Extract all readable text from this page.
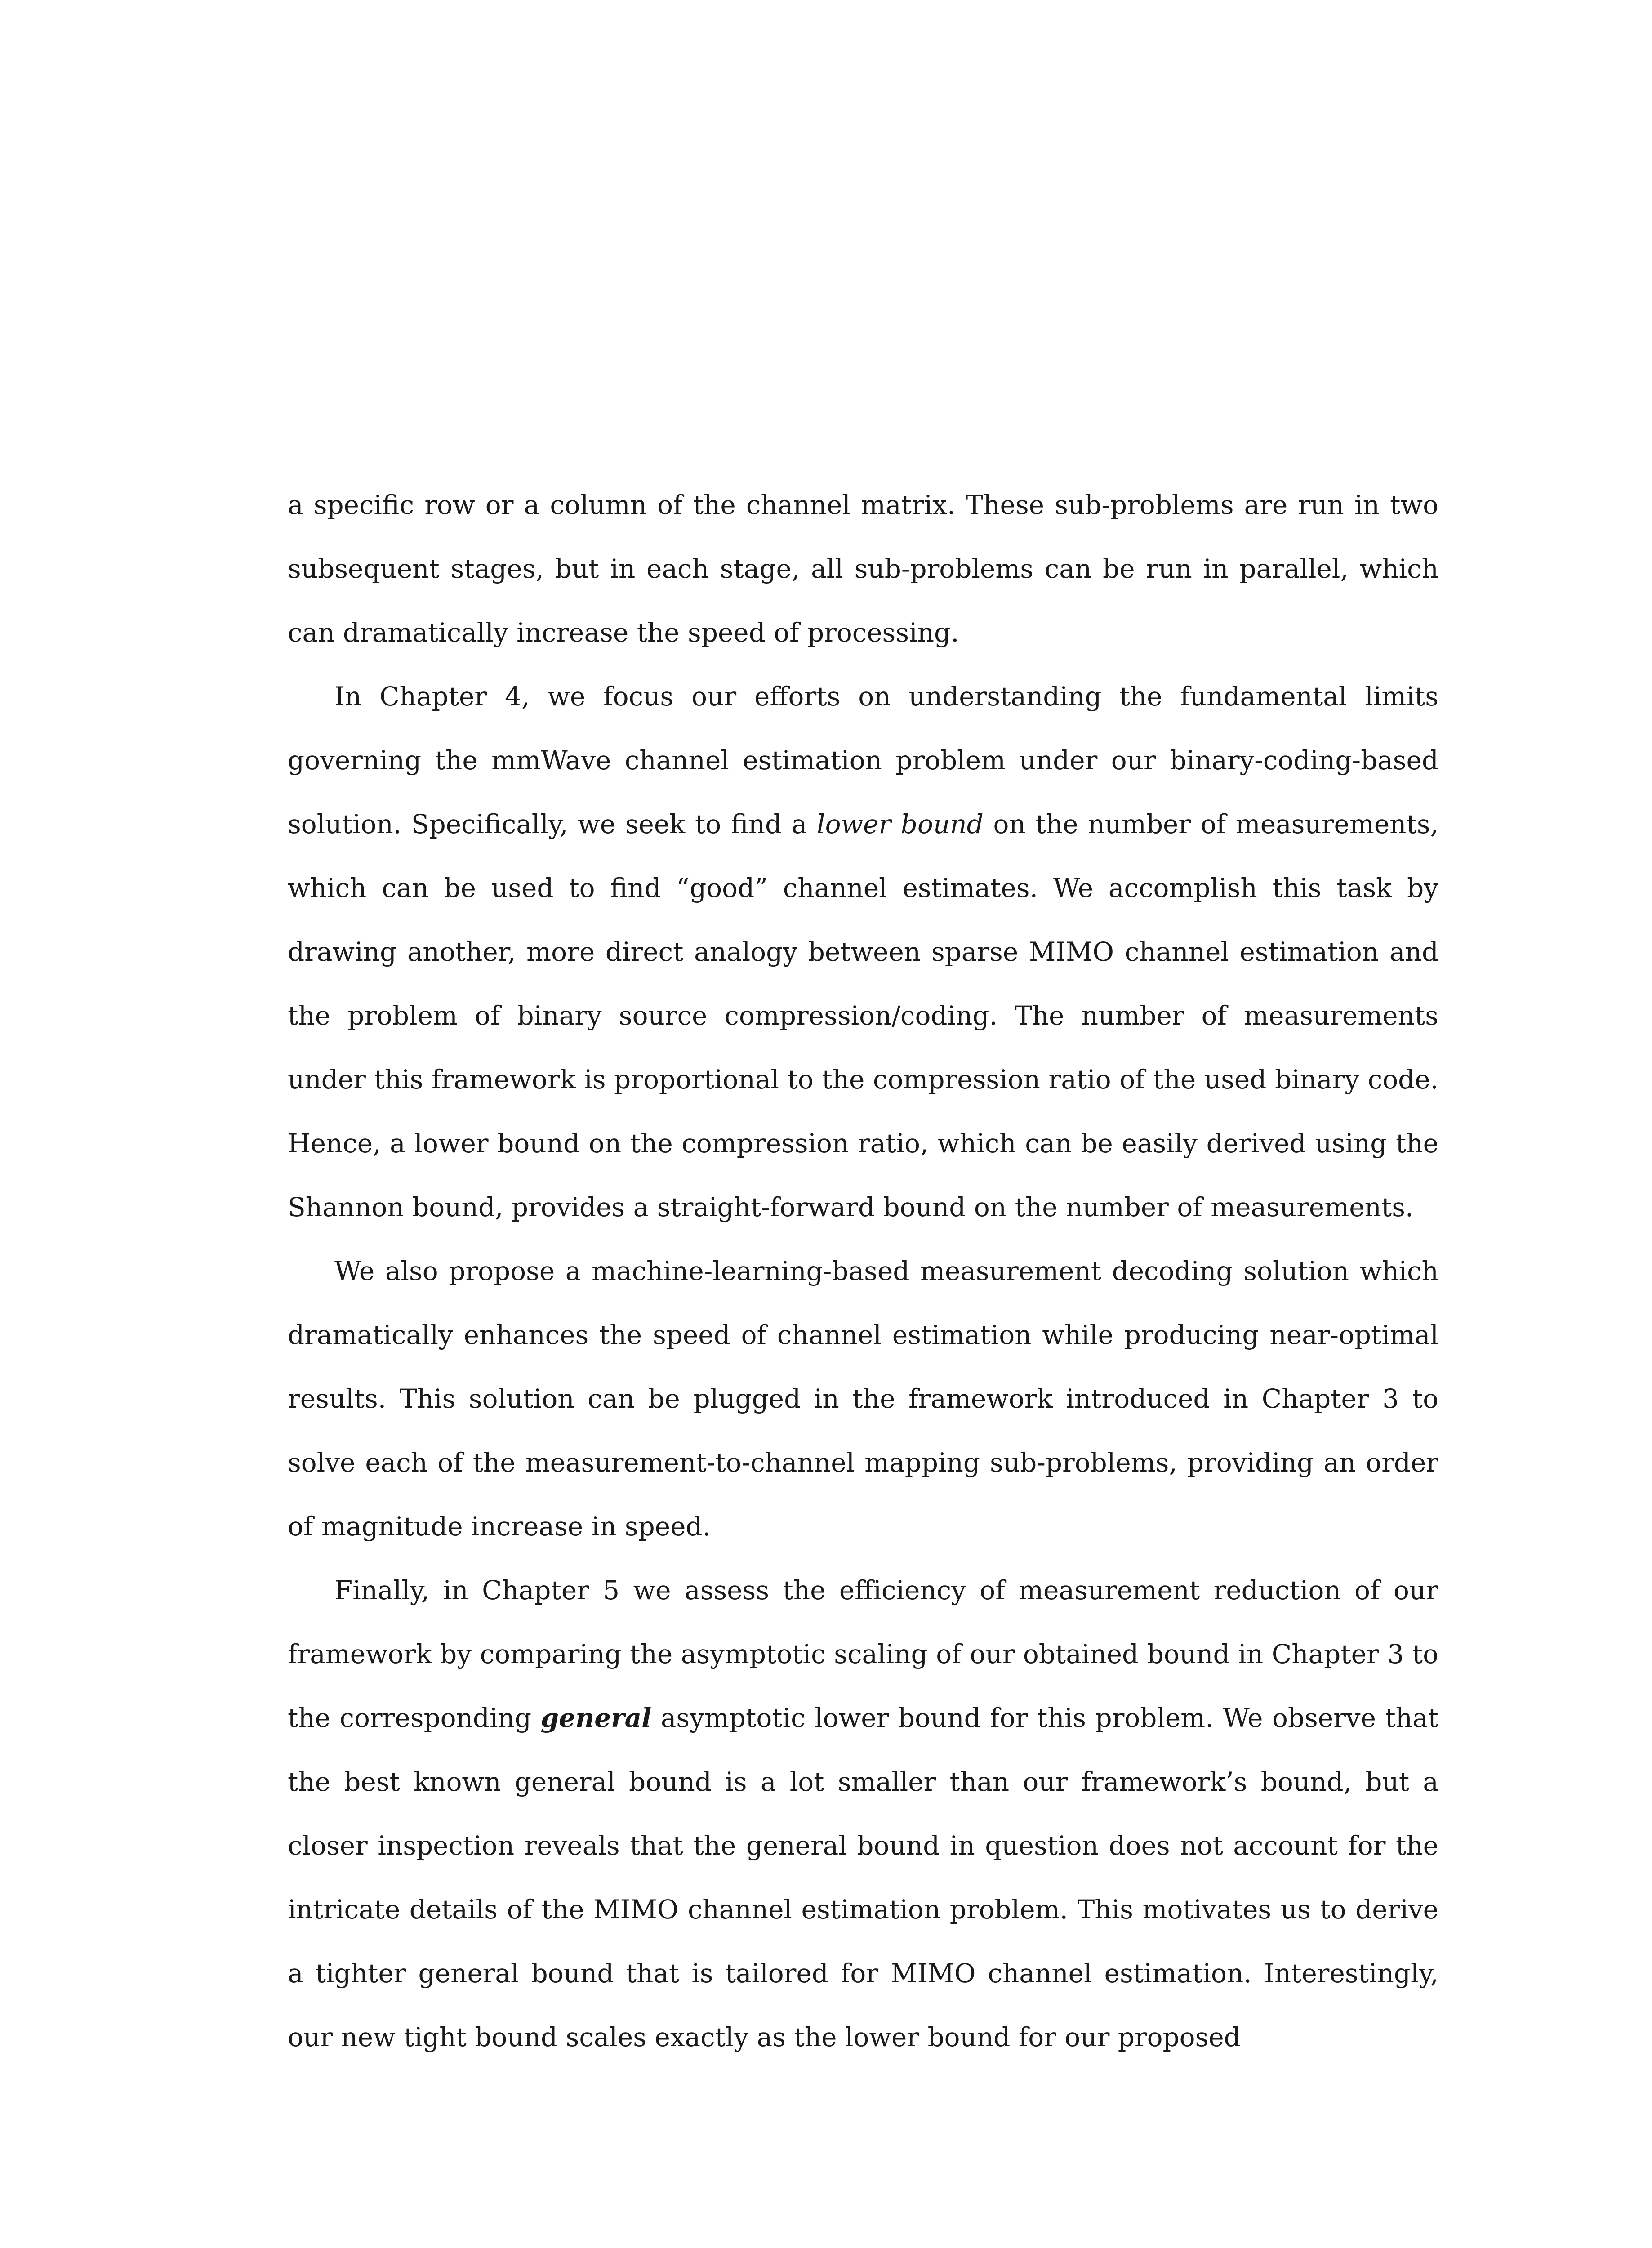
a specific row or a column of the channel matrix. These sub-problems are run in two subsequent stages, but in each stage, all sub-problems can be run in parallel, which can dramatically increase the speed of processing.

In Chapter 4, we focus our efforts on understanding the fundamental limits governing the mmWave channel estimation problem under our binary-coding-based solution. Specifically, we seek to find a lower bound on the number of measurements, which can be used to find “good” channel estimates. We accomplish this task by drawing another, more direct analogy between sparse MIMO channel estimation and the problem of binary source compression/coding. The number of measurements under this framework is proportional to the compression ratio of the used binary code. Hence, a lower bound on the compression ratio, which can be easily derived using the Shannon bound, provides a straight-forward bound on the number of measurements.

We also propose a machine-learning-based measurement decoding solution which dramatically enhances the speed of channel estimation while producing near-optimal results. This solution can be plugged in the framework introduced in Chapter 3 to solve each of the measurement-to-channel mapping sub-problems, providing an order of magnitude increase in speed.

Finally, in Chapter 5 we assess the efficiency of measurement reduction of our framework by comparing the asymptotic scaling of our obtained bound in Chapter 3 to the corresponding general asymptotic lower bound for this problem. We observe that the best known general bound is a lot smaller than our framework’s bound, but a closer inspection reveals that the general bound in question does not account for the intricate details of the MIMO channel estimation problem. This motivates us to derive a tighter general bound that is tailored for MIMO channel estimation. Interestingly, our new tight bound scales exactly as the lower bound for our proposed
